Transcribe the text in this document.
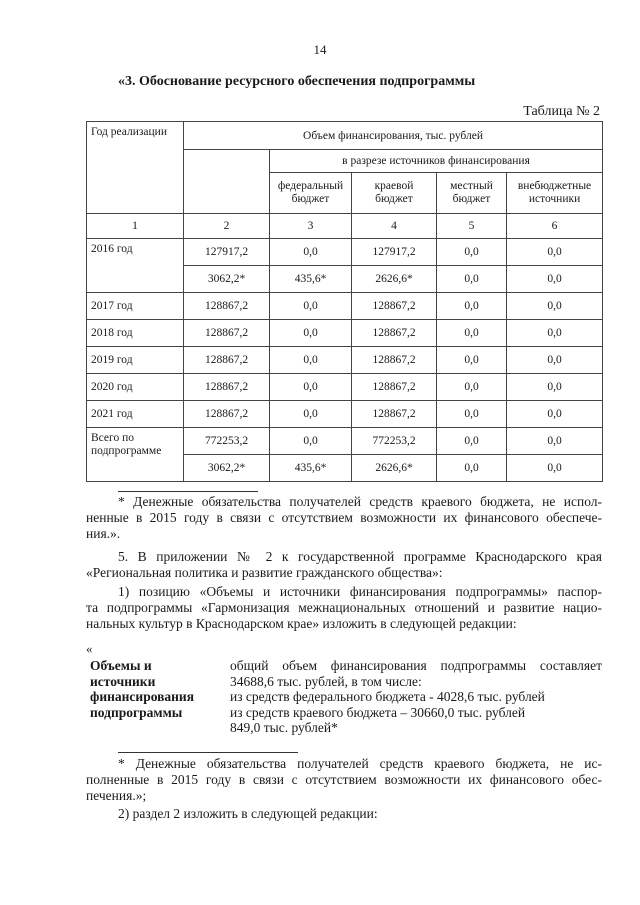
14
«3. Обоснование ресурсного обеспечения подпрограммы
Таблица № 2
Год реализации	Объем финансирования, тыс. рублей				
		в разрезе источников финансирования			
		федеральный бюджет	краевой бюджет	местный бюджет	внебюджетные источники
1	2	3	4	5	6
2016 год	127917,2	0,0	127917,2	0,0	0,0
	3062,2*	435,6*	2626,6*	0,0	0,0
2017 год	128867,2	0,0	128867,2	0,0	0,0
2018 год	128867,2	0,0	128867,2	0,0	0,0
2019 год	128867,2	0,0	128867,2	0,0	0,0
2020 год	128867,2	0,0	128867,2	0,0	0,0
2021 год	128867,2	0,0	128867,2	0,0	0,0
Всего по подпрограмме	772253,2	0,0	772253,2	0,0	0,0
	3062,2*	435,6*	2626,6*	0,0	0,0
* Денежные обязательства получателей средств краевого бюджета, не испол-
ненные в 2015 году в связи с отсутствием возможности их финансового обеспече-
ния.».
5. В приложении № 2 к государственной программе Краснодарского края
«Региональная политика и развитие гражданского общества»:
1) позицию «Объемы и источники финансирования подпрограммы» паспор-
та подпрограммы «Гармонизация межнациональных отношений и развитие нацио-
нальных культур в Краснодарском крае» изложить в следующей редакции:
«
Объемы и
источники
финансирования
подпрограммы
общий объем финансирования подпрограммы составляет
34688,6 тыс. рублей, в том числе:
из средств федерального бюджета - 4028,6 тыс. рублей
из средств краевого бюджета – 30660,0 тыс. рублей
849,0 тыс. рублей*
* Денежные обязательства получателей средств краевого бюджета, не ис-
полненные в 2015 году в связи с отсутствием возможности их финансового обес-
печения.»;
2) раздел 2 изложить в следующей редакции:
